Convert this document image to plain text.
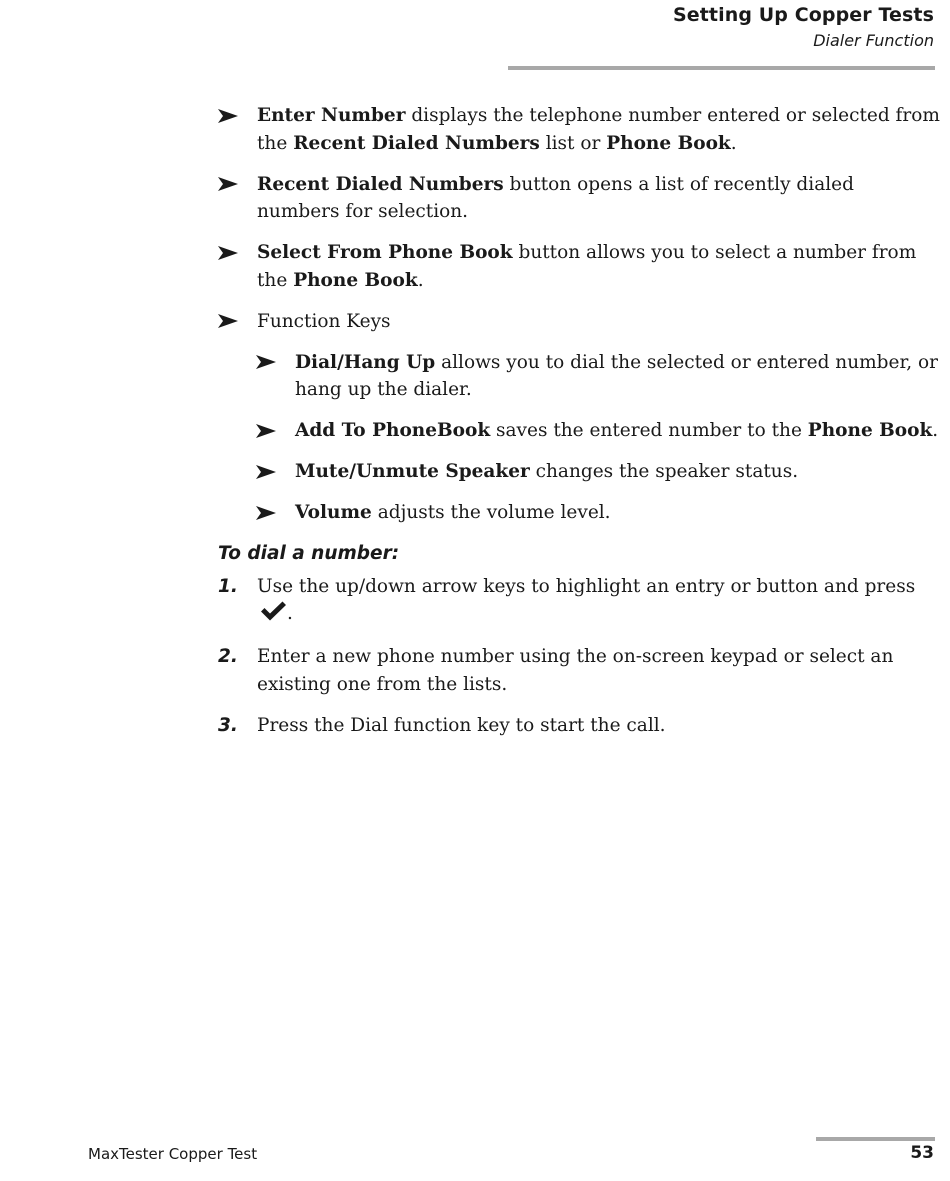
Setting Up Copper Tests
Dialer Function
Enter Number displays the telephone number entered or selected from the Recent Dialed Numbers list or Phone Book.
Recent Dialed Numbers button opens a list of recently dialed numbers for selection.
Select From Phone Book button allows you to select a number from the Phone Book.
Function Keys
Dial/Hang Up allows you to dial the selected or entered number, or hang up the dialer.
Add To PhoneBook saves the entered number to the Phone Book.
Mute/Unmute Speaker changes the speaker status.
Volume adjusts the volume level.
To dial a number:
1. Use the up/down arrow keys to highlight an entry or button and press .
2. Enter a new phone number using the on-screen keypad or select an existing one from the lists.
3. Press the Dial function key to start the call.
MaxTester Copper Test	53
